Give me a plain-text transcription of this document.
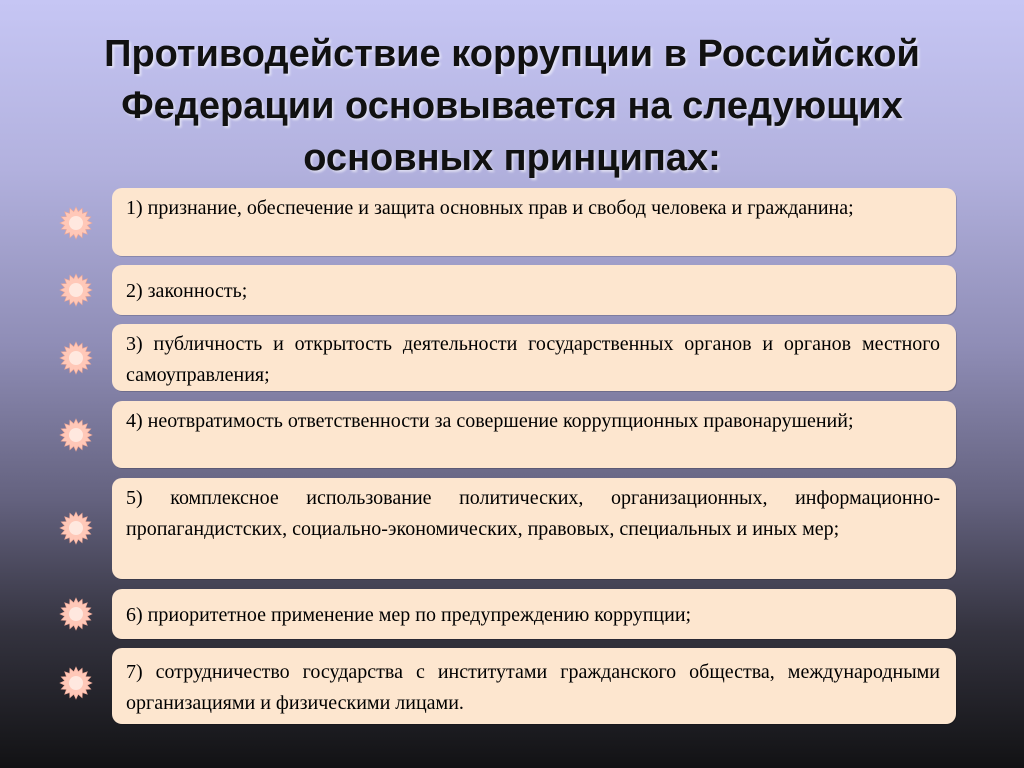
Противодействие коррупции в Российской Федерации основывается на следующих основных принципах:
1) признание, обеспечение и защита основных прав и свобод человека и гражданина;
2) законность;
3) публичность и открытость деятельности государственных органов и органов местного самоуправления;
4) неотвратимость ответственности за совершение коррупционных правонарушений;
5) комплексное использование политических, организационных, информационно-пропагандистских, социально-экономических, правовых, специальных и иных мер;
6) приоритетное применение мер по предупреждению коррупции;
7) сотрудничество государства с институтами гражданского общества, международными организациями и физическими лицами.
